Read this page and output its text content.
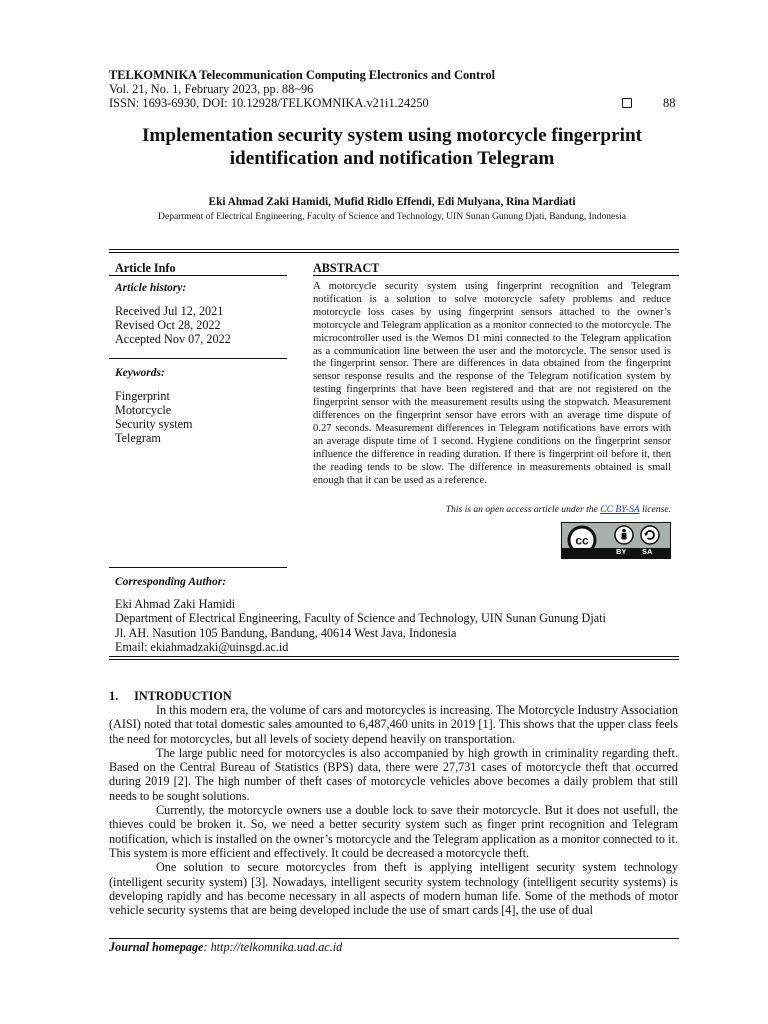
TELKOMNIKA Telecommunication Computing Electronics and Control
Vol. 21, No. 1, February 2023, pp. 88~96
ISSN: 1693-6930, DOI: 10.12928/TELKOMNIKA.v21i1.24250	88
Implementation security system using motorcycle fingerprint
identification and notification Telegram
Eki Ahmad Zaki Hamidi, Mufid Ridlo Effendi, Edi Mulyana, Rina Mardiati
Department of Electrical Engineering, Faculty of Science and Technology, UIN Sunan Gunung Djati, Bandung, Indonesia
Article Info
Article history:
Received Jul 12, 2021
Revised Oct 28, 2022
Accepted Nov 07, 2022
Keywords:
Fingerprint
Motorcycle
Security system
Telegram
ABSTRACT
A motorcycle security system using fingerprint recognition and Telegram notification is a solution to solve motorcycle safety problems and reduce motorcycle loss cases by using fingerprint sensors attached to the owner’s motorcycle and Telegram application as a monitor connected to the motorcycle. The microcontroller used is the Wemos D1 mini connected to the Telegram application as a communication line between the user and the motorcycle. The sensor used is the fingerprint sensor. There are differences in data obtained from the fingerprint sensor response results and the response of the Telegram notification system by testing fingerprints that have been registered and that are not registered on the fingerprint sensor with the measurement results using the stopwatch. Measurement differences on the fingerprint sensor have errors with an average time dispute of 0.27 seconds. Measurement differences in Telegram notifications have errors with an average dispute time of 1 second. Hygiene conditions on the fingerprint sensor influence the difference in reading duration. If there is fingerprint oil before it, then the reading tends to be slow. The difference in measurements obtained is small enough that it can be used as a reference.
This is an open access article under the CC BY-SA license.
cc
BY SA
Corresponding Author:
Eki Ahmad Zaki Hamidi
Department of Electrical Engineering, Faculty of Science and Technology, UIN Sunan Gunung Djati
Jl. AH. Nasution 105 Bandung, Bandung, 40614 West Java, Indonesia
Email: ekiahmadzaki@uinsgd.ac.id
1. INTRODUCTION

In this modern era, the volume of cars and motorcycles is increasing. The Motorcycle Industry Association (AISI) noted that total domestic sales amounted to 6,487,460 units in 2019 [1]. This shows that the upper class feels the need for motorcycles, but all levels of society depend heavily on transportation.

The large public need for motorcycles is also accompanied by high growth in criminality regarding theft. Based on the Central Bureau of Statistics (BPS) data, there were 27,731 cases of motorcycle theft that occurred during 2019 [2]. The high number of theft cases of motorcycle vehicles above becomes a daily problem that still needs to be sought solutions.

Currently, the motorcycle owners use a double lock to save their motorcycle. But it does not usefull, the thieves could be broken it. So, we need a better security system such as finger print recognition and Telegram notification, which is installed on the owner’s motorcycle and the Telegram application as a monitor connected to it. This system is more efficient and effectively. It could be decreased a motorcycle theft.

One solution to secure motorcycles from theft is applying intelligent security system technology (intelligent security system) [3]. Nowadays, intelligent security system technology (intelligent security systems) is developing rapidly and has become necessary in all aspects of modern human life. Some of the methods of motor vehicle security systems that are being developed include the use of smart cards [4], the use of dual

Journal homepage: http://telkomnika.uad.ac.id
